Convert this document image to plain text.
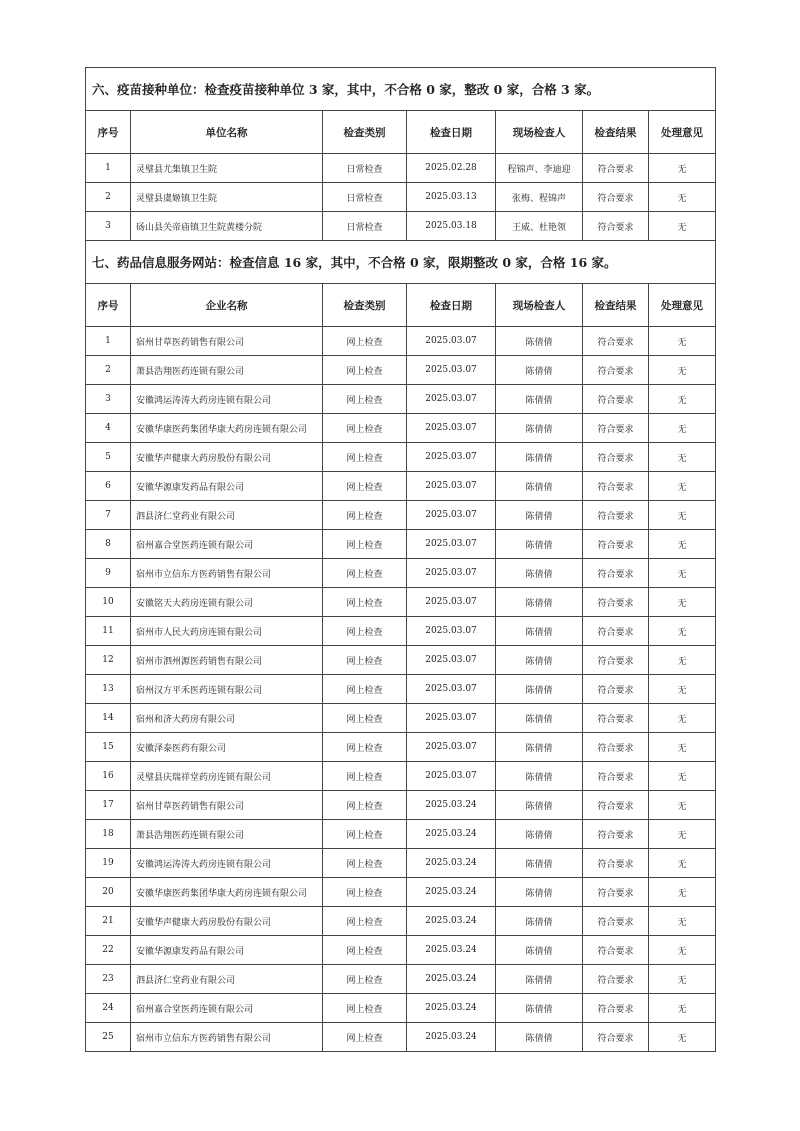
六、疫苗接种单位：检查疫苗接种单位 3 家，其中，不合格 0 家，整改 0 家，合格 3 家。						
序号	单位名称	检查类别	检查日期	现场检查人	检查结果	处理意见
1	灵璧县尤集镇卫生院	日常检查	2025.02.28	程锦声、李迪迎	符合要求	无
2	灵璧县虞姬镇卫生院	日常检查	2025.03.13	张梅、程锦声	符合要求	无
3	砀山县关帝庙镇卫生院黄楼分院	日常检查	2025.03.18	王威、杜艳领	符合要求	无
七、药品信息服务网站：检查信息 16 家，其中，不合格 0 家，限期整改 0 家，合格 16 家。						
序号	企业名称	检查类别	检查日期	现场检查人	检查结果	处理意见
1	宿州甘草医药销售有限公司	网上检查	2025.03.07	陈倩倩	符合要求	无
2	萧县浩翔医药连锁有限公司	网上检查	2025.03.07	陈倩倩	符合要求	无
3	安徽鸿运涛涛大药房连锁有限公司	网上检查	2025.03.07	陈倩倩	符合要求	无
4	安徽华康医药集团华康大药房连锁有限公司	网上检查	2025.03.07	陈倩倩	符合要求	无
5	安徽华声健康大药房股份有限公司	网上检查	2025.03.07	陈倩倩	符合要求	无
6	安徽华源康发药品有限公司	网上检查	2025.03.07	陈倩倩	符合要求	无
7	泗县济仁堂药业有限公司	网上检查	2025.03.07	陈倩倩	符合要求	无
8	宿州嘉合堂医药连锁有限公司	网上检查	2025.03.07	陈倩倩	符合要求	无
9	宿州市立信东方医药销售有限公司	网上检查	2025.03.07	陈倩倩	符合要求	无
10	安徽铭天大药房连锁有限公司	网上检查	2025.03.07	陈倩倩	符合要求	无
11	宿州市人民大药房连锁有限公司	网上检查	2025.03.07	陈倩倩	符合要求	无
12	宿州市泗州源医药销售有限公司	网上检查	2025.03.07	陈倩倩	符合要求	无
13	宿州汉方平禾医药连锁有限公司	网上检查	2025.03.07	陈倩倩	符合要求	无
14	宿州和济大药房有限公司	网上检查	2025.03.07	陈倩倩	符合要求	无
15	安徽泽泰医药有限公司	网上检查	2025.03.07	陈倩倩	符合要求	无
16	灵璧县庆瑞祥堂药房连锁有限公司	网上检查	2025.03.07	陈倩倩	符合要求	无
17	宿州甘草医药销售有限公司	网上检查	2025.03.24	陈倩倩	符合要求	无
18	萧县浩翔医药连锁有限公司	网上检查	2025.03.24	陈倩倩	符合要求	无
19	安徽鸿运涛涛大药房连锁有限公司	网上检查	2025.03.24	陈倩倩	符合要求	无
20	安徽华康医药集团华康大药房连锁有限公司	网上检查	2025.03.24	陈倩倩	符合要求	无
21	安徽华声健康大药房股份有限公司	网上检查	2025.03.24	陈倩倩	符合要求	无
22	安徽华源康发药品有限公司	网上检查	2025.03.24	陈倩倩	符合要求	无
23	泗县济仁堂药业有限公司	网上检查	2025.03.24	陈倩倩	符合要求	无
24	宿州嘉合堂医药连锁有限公司	网上检查	2025.03.24	陈倩倩	符合要求	无
25	宿州市立信东方医药销售有限公司	网上检查	2025.03.24	陈倩倩	符合要求	无
